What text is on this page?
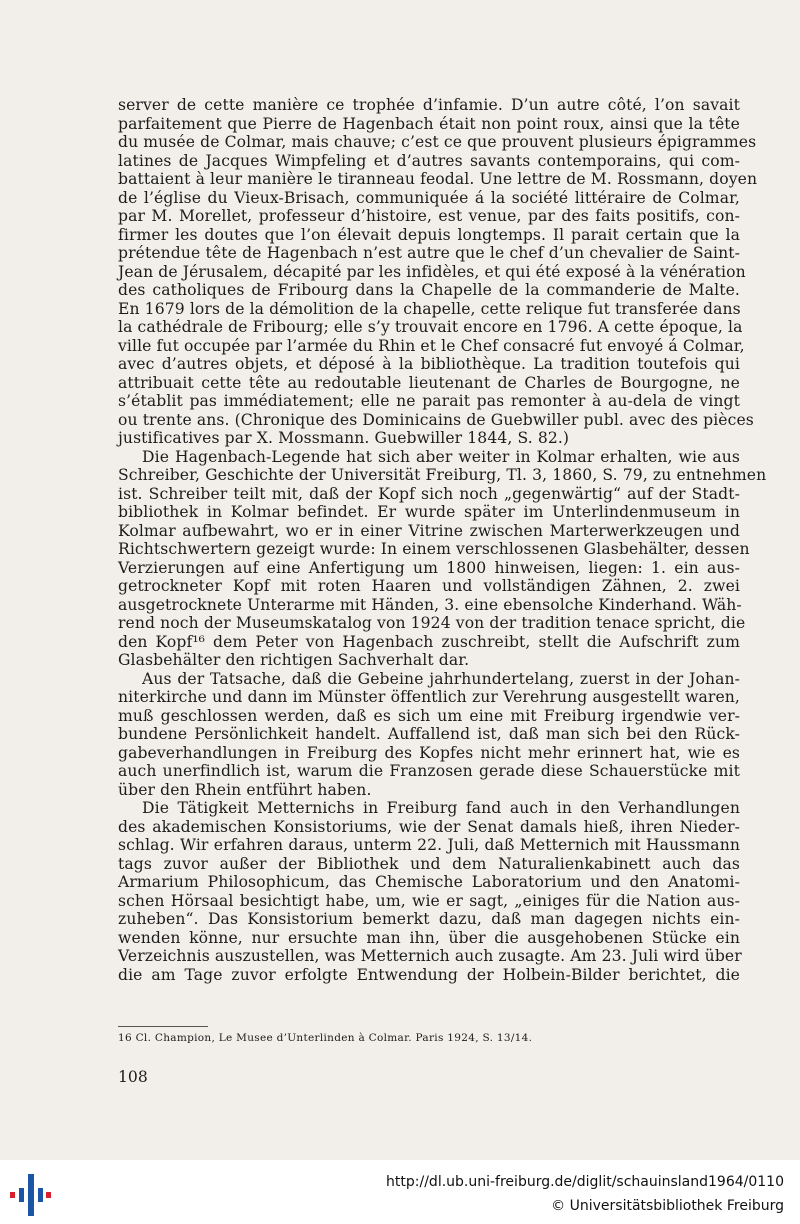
server de cette manière ce trophée d’infamie. D’un autre côté, l’on savait
parfaitement que Pierre de Hagenbach était non point roux, ainsi que la tête
du musée de Colmar, mais chauve; c’est ce que prouvent plusieurs épigrammes
latines de Jacques Wimpfeling et d’autres savants contemporains, qui com-
battaient à leur manière le tiranneau feodal. Une lettre de M. Rossmann, doyen
de l’église du Vieux-Brisach, communiquée á la société littéraire de Colmar,
par M. Morellet, professeur d’histoire, est venue, par des faits positifs, con-
firmer les doutes que l’on élevait depuis longtemps. Il parait certain que la
prétendue tête de Hagenbach n’est autre que le chef d’un chevalier de Saint-
Jean de Jérusalem, décapité par les infidèles, et qui été exposé à la vénération
des catholiques de Fribourg dans la Chapelle de la commanderie de Malte.
En 1679 lors de la démolition de la chapelle, cette relique fut transferée dans
la cathédrale de Fribourg; elle s’y trouvait encore en 1796. A cette époque, la
ville fut occupée par l’armée du Rhin et le Chef consacré fut envoyé á Colmar,
avec d’autres objets, et déposé à la bibliothèque. La tradition toutefois qui
attribuait cette tête au redoutable lieutenant de Charles de Bourgogne, ne
s’établit pas immédiatement; elle ne parait pas remonter à au-dela de vingt
ou trente ans. (Chronique des Dominicains de Guebwiller publ. avec des pièces
justificatives par X. Mossmann. Guebwiller 1844, S. 82.)
Die Hagenbach-Legende hat sich aber weiter in Kolmar erhalten, wie aus
Schreiber, Geschichte der Universität Freiburg, Tl. 3, 1860, S. 79, zu entnehmen
ist. Schreiber teilt mit, daß der Kopf sich noch „gegenwärtig“ auf der Stadt-
bibliothek in Kolmar befindet. Er wurde später im Unterlindenmuseum in
Kolmar aufbewahrt, wo er in einer Vitrine zwischen Marterwerkzeugen und
Richtschwertern gezeigt wurde: In einem verschlossenen Glasbehälter, dessen
Verzierungen auf eine Anfertigung um 1800 hinweisen, liegen: 1. ein aus-
getrockneter Kopf mit roten Haaren und vollständigen Zähnen, 2. zwei
ausgetrocknete Unterarme mit Händen, 3. eine ebensolche Kinderhand. Wäh-
rend noch der Museumskatalog von 1924 von der tradition tenace spricht, die
den Kopf¹⁶ dem Peter von Hagenbach zuschreibt, stellt die Aufschrift zum
Glasbehälter den richtigen Sachverhalt dar.
Aus der Tatsache, daß die Gebeine jahrhundertelang, zuerst in der Johan-
niterkirche und dann im Münster öffentlich zur Verehrung ausgestellt waren,
muß geschlossen werden, daß es sich um eine mit Freiburg irgendwie ver-
bundene Persönlichkeit handelt. Auffallend ist, daß man sich bei den Rück-
gabeverhandlungen in Freiburg des Kopfes nicht mehr erinnert hat, wie es
auch unerfindlich ist, warum die Franzosen gerade diese Schauerstücke mit
über den Rhein entführt haben.
Die Tätigkeit Metternichs in Freiburg fand auch in den Verhandlungen
des akademischen Konsistoriums, wie der Senat damals hieß, ihren Nieder-
schlag. Wir erfahren daraus, unterm 22. Juli, daß Metternich mit Haussmann
tags zuvor außer der Bibliothek und dem Naturalienkabinett auch das
Armarium Philosophicum, das Chemische Laboratorium und den Anatomi-
schen Hörsaal besichtigt habe, um, wie er sagt, „einiges für die Nation aus-
zuheben“. Das Konsistorium bemerkt dazu, daß man dagegen nichts ein-
wenden könne, nur ersuchte man ihn, über die ausgehobenen Stücke ein
Verzeichnis auszustellen, was Metternich auch zusagte. Am 23. Juli wird über
die am Tage zuvor erfolgte Entwendung der Holbein-Bilder berichtet, die
16 Cl. Champion, Le Musee d’Unterlinden à Colmar. Paris 1924, S. 13/14.
108
http://dl.ub.uni-freiburg.de/diglit/schauinsland1964/0110
© Universitätsbibliothek Freiburg
